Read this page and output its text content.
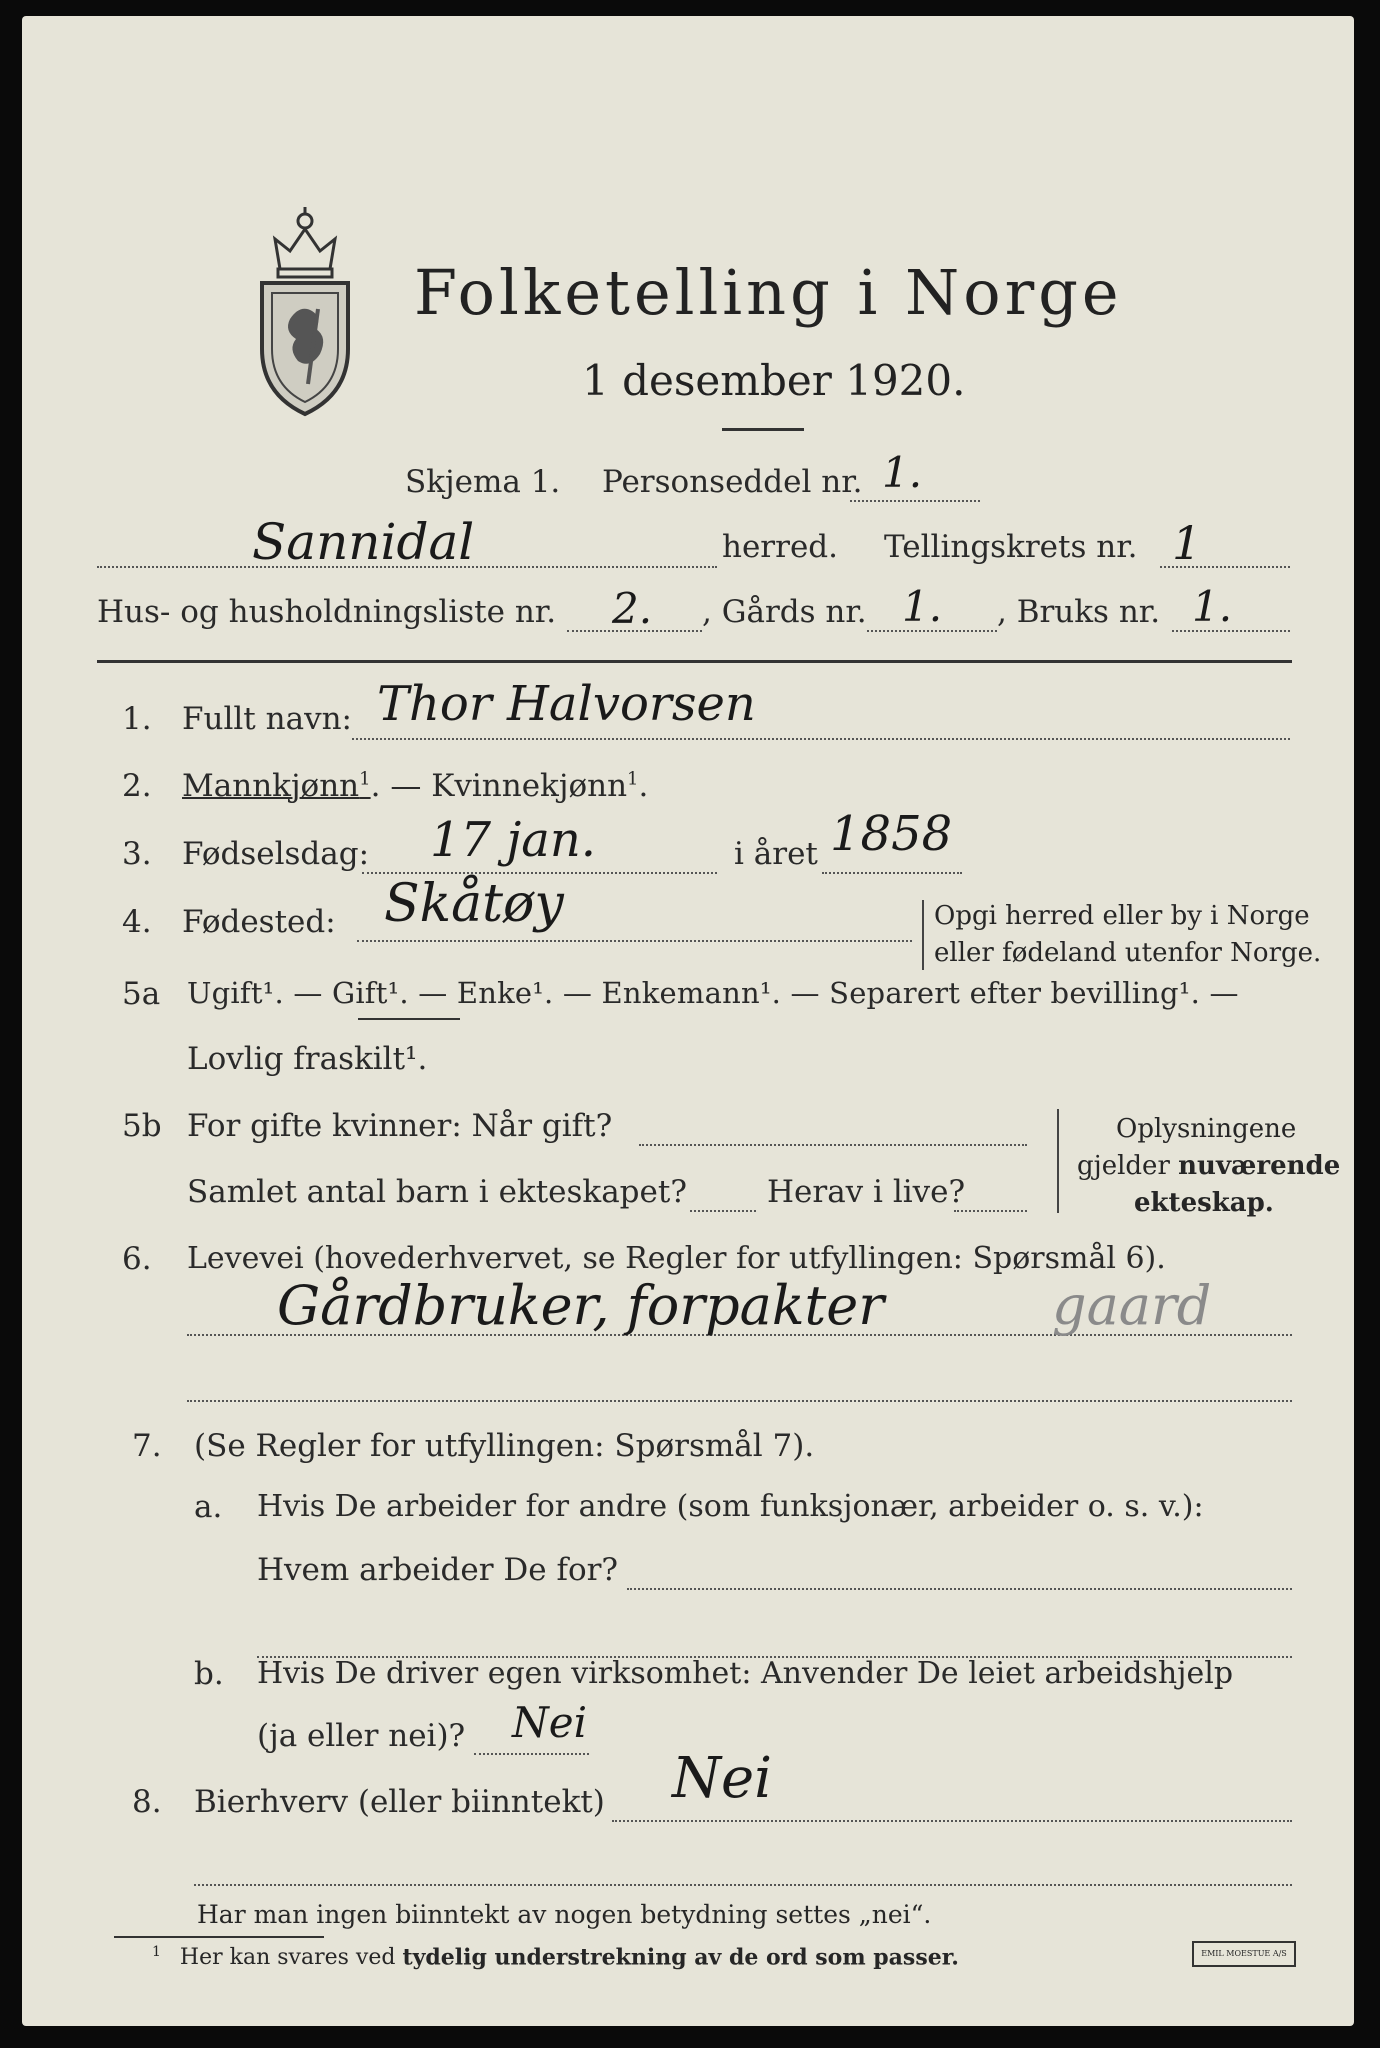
Folketelling i Norge
1 desember 1920.
Skjema 1. Personseddel nr. 1.
Sannidal	herred. Tellingskrets nr. 1
Hus- og husholdningsliste nr. 2. , Gårds nr. 1. , Bruks nr. 1.
1. Fullt navn: Thor Halvorsen
2. Mannkjønn$^1$. — Kvinnekjønn$^1$.
3. Fødselsdag: 17 jan.	i året 1858
4. Fødested: Skåtøy	Opgi herred eller by i Norge
eller fødeland utenfor Norge.
5a Ugift¹. — Gift¹. — Enke¹. — Enkemann¹. — Separert efter bevilling¹. —
Lovlig fraskilt¹.
5b For gifte kvinner: Når gift?
Samlet antal barn i ekteskapet?	Herav i live?
Oplysningene
gjelder nuværende
ekteskap.
6. Levevei (hovederhvervet, se Regler for utfyllingen: Spørsmål 6).
Gårdbruker, forpakter	gaard
7. (Se Regler for utfyllingen: Spørsmål 7).
a. Hvis De arbeider for andre (som funksjonær, arbeider o. s. v.):
Hvem arbeider De for?
b. Hvis De driver egen virksomhet: Anvender De leiet arbeidshjelp
(ja eller nei)? Nei
8. Bierhverv (eller biinntekt) Nei
Har man ingen biinntekt av nogen betydning settes „nei“.
$^1$ Her kan svares ved tydelig understrekning av de ord som passer.	EMIL MOESTUE A/S
